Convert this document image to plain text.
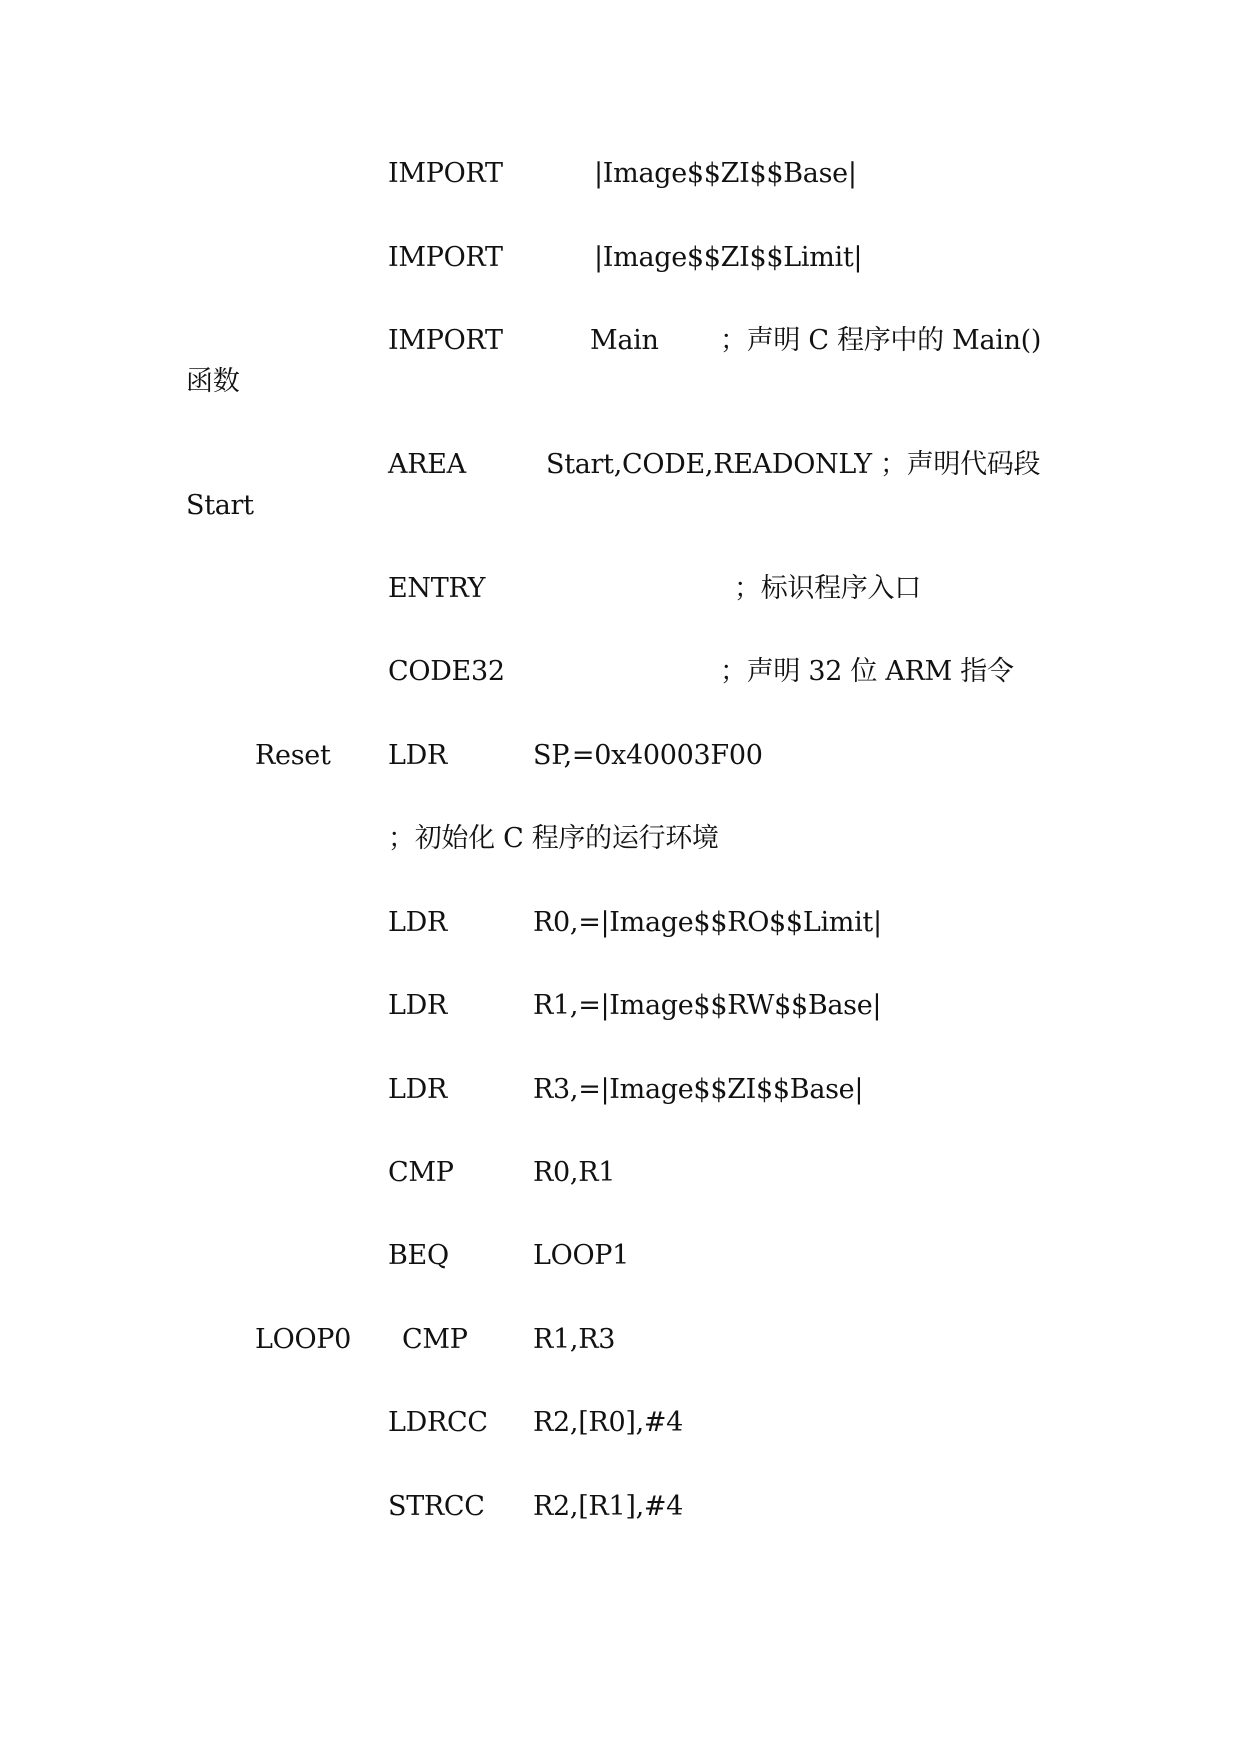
IMPORT	|Image$$ZI$$Base|
IMPORT	|Image$$ZI$$Limit|
IMPORT	Main ；声明 C 程序中的 Main()
函数
AREA	Start,CODE,READONLY ；声明代码段
Start
ENTRY	；标识程序入口
CODE32	；声明 32 位 ARM 指令
Reset LDR	SP,=0x40003F00
；初始化 C 程序的运行环境
LDR	R0,=|Image$$RO$$Limit|
LDR	R1,=|Image$$RW$$Base|
LDR	R3,=|Image$$ZI$$Base|
CMP	R0,R1
BEQ	LOOP1
LOOP0 CMP R1,R3
LDRCC R2,[R0],#4
STRCC R2,[R1],#4
